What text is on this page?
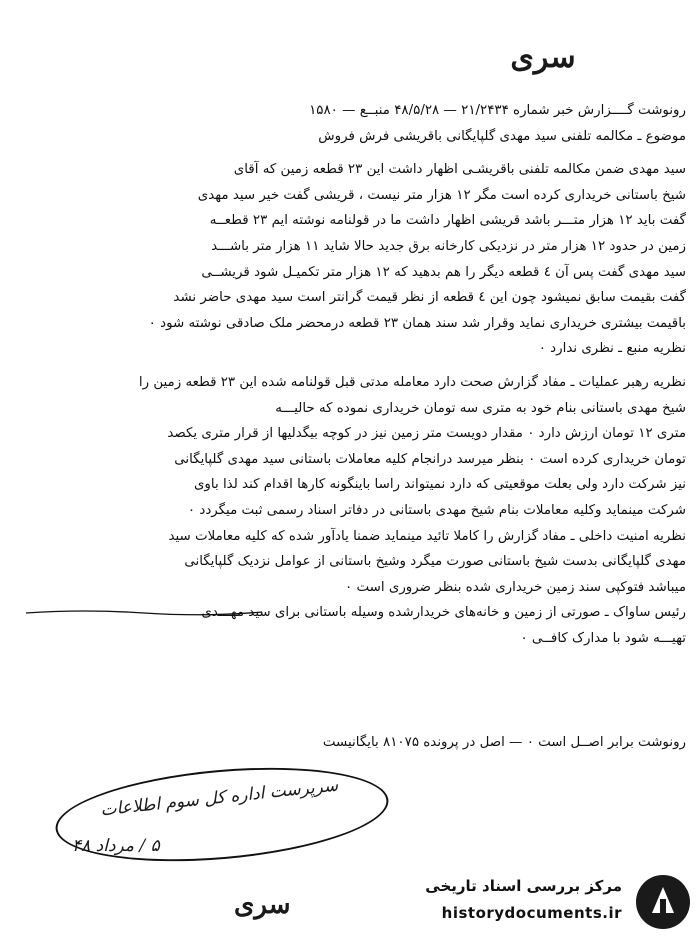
سری
رونوشت گــــزارش خبر شماره ۲۱/۲۴۳۴ — ۴۸/۵/۲۸ منبــع — ۱۵۸۰
موضوع ـ مکالمه تلفنی سید مهدی گلپایگانی باقریشی فرش فروش
سید مهدی ضمن مکالمه تلفنی باقریشـی اظهار داشت این ۲۳ قطعه زمین که آقای
شیخ باستانی خریداری کرده است مگر ۱۲ هزار متر نیست ، قریشی گفت خیر سید مهدی
گفت باید ۱۲ هزار متـــر باشد قریشی اظهار داشت ما در قولنامه نوشته ایم ۲۳ قطعــه
زمین در حدود ۱۲ هزار متر در نزدیکی کارخانه برق جدید حالا شاید ۱۱ هزار متر باشـــد
سید مهدی گفت پس آن ٤ قطعه دیگر را هم بدهید که ۱۲ هزار متر تکمیـل شود قریشــی
گفت بقیمت سابق نمیشود چون این ٤ قطعه از نظر قیمت گرانتر است سید مهدی حاضر نشد
باقیمت بیشتری خریداری نماید وقرار شد سند همان ۲۳ قطعه درمحضر ملک صادقی نوشته شود ۰
نظریه منبع ـ نظری ندارد ۰
نظریه رهبر عملیات ـ مفاد گزارش صحت دارد معامله مدتی قبل قولنامه شده این ۲۳ قطعه زمین را
شیخ مهدی باستانی بنام خود به متری سه تومان خریداری نموده که حالیـــه
متری ۱۲ تومان ارزش دارد ۰ مقدار دویست متر زمین نیز در کوچه بیگدلیها از قرار متری یکصد
تومان خریداری کرده است ۰ بنظر میرسد درانجام کلیه معاملات باستانی سید مهدی گلپایگانی
نیز شرکت دارد ولی بعلت موقعیتی که دارد نمیتواند راسا باینگونه کارها اقدام کند لذا باوی
شرکت مینماید وکلیه معاملات بنام شیخ مهدی باستانی در دفاتر اسناد رسمی ثبت میگردد ۰
نظریه امنیت داخلی ـ مفاد گزارش را کاملا تائید مینماید ضمنا یادآور شده که کلیه معاملات سید
مهدی گلپایگانی بدست شیخ باستانی صورت میگرد وشیخ باستانی از عوامل نزدیک گلپایگانی
میباشد فتوکپی سند زمین خریداری شده بنظر ضروری است ۰
رئیس ساواک ـ صورتی از زمین و خانه‌های خریدارشده وسیله باستانی برای سید مهـــدی
تهیـــه شود با مدارک کافــی ۰
رونوشت برابر اصــل است ۰ — اصل در پرونده ۸۱۰۷۵ بایگانیست
سرپرست اداره کل سوم اطلاعات
۵ / مرداد ۴۸
سری
مرکز بررسی اسناد تاریخی
historydocuments.ir
